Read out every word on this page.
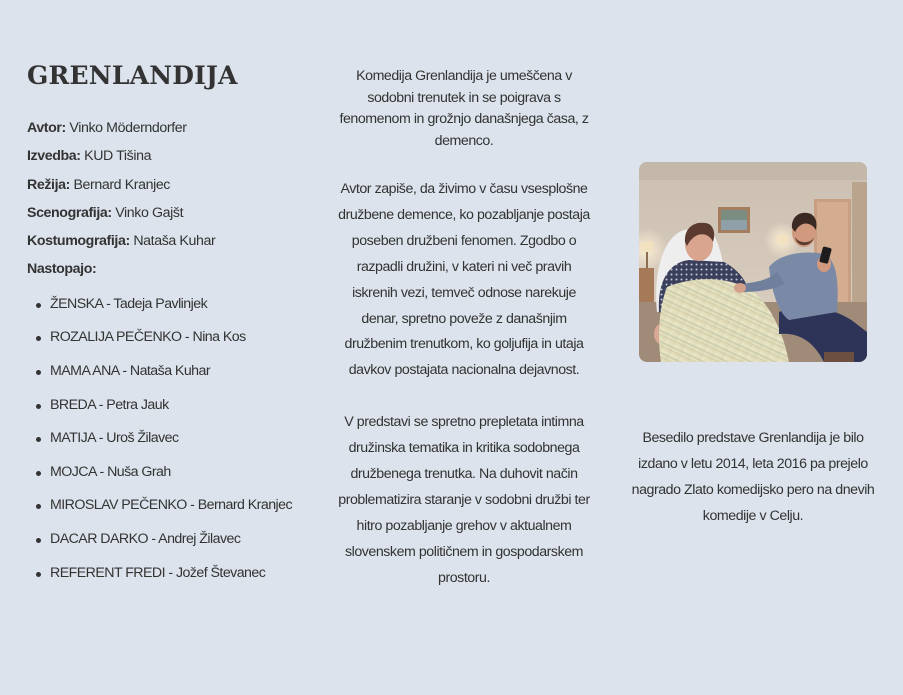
GRENLANDIJA
Avtor: Vinko Möderndorfer
Izvedba: KUD Tišina
Režija: Bernard Kranjec
Scenografija: Vinko Gajšt
Kostumografija: Nataša Kuhar
Nastopajo:
ŽENSKA - Tadeja Pavlinjek
ROZALIJA PEČENKO - Nina Kos
MAMA ANA - Nataša Kuhar
BREDA - Petra Jauk
MATIJA - Uroš Žilavec
MOJCA - Nuša Grah
MIROSLAV PEČENKO - Bernard Kranjec
DACAR DARKO - Andrej Žilavec
REFERENT FREDI - Jožef Števanec

Komedija Grenlandija je umeščena v sodobni trenutek in se poigrava s fenomenom in grožnjo današnjega časa, z demenco.

Avtor zapiše, da živimo v času vsesplošne družbene demence, ko pozabljanje postaja poseben družbeni fenomen. Zgodbo o razpadli družini, v kateri ni več pravih iskrenih vezi, temveč odnose narekuje denar, spretno poveže z današnjim družbenim trenutkom, ko goljufija in utaja davkov postajata nacionalna dejavnost.

V predstavi se spretno prepletata intimna družinska tematika in kritika sodobnega družbenega trenutka. Na duhovit način problematizira staranje v sodobni družbi ter hitro pozabljanje grehov v aktualnem slovenskem političnem in gospodarskem prostoru.

Besedilo predstave Grenlandija je bilo izdano v letu 2014, leta 2016 pa prejelo nagrado Zlato komedijsko pero na dnevih komedije v Celju.
